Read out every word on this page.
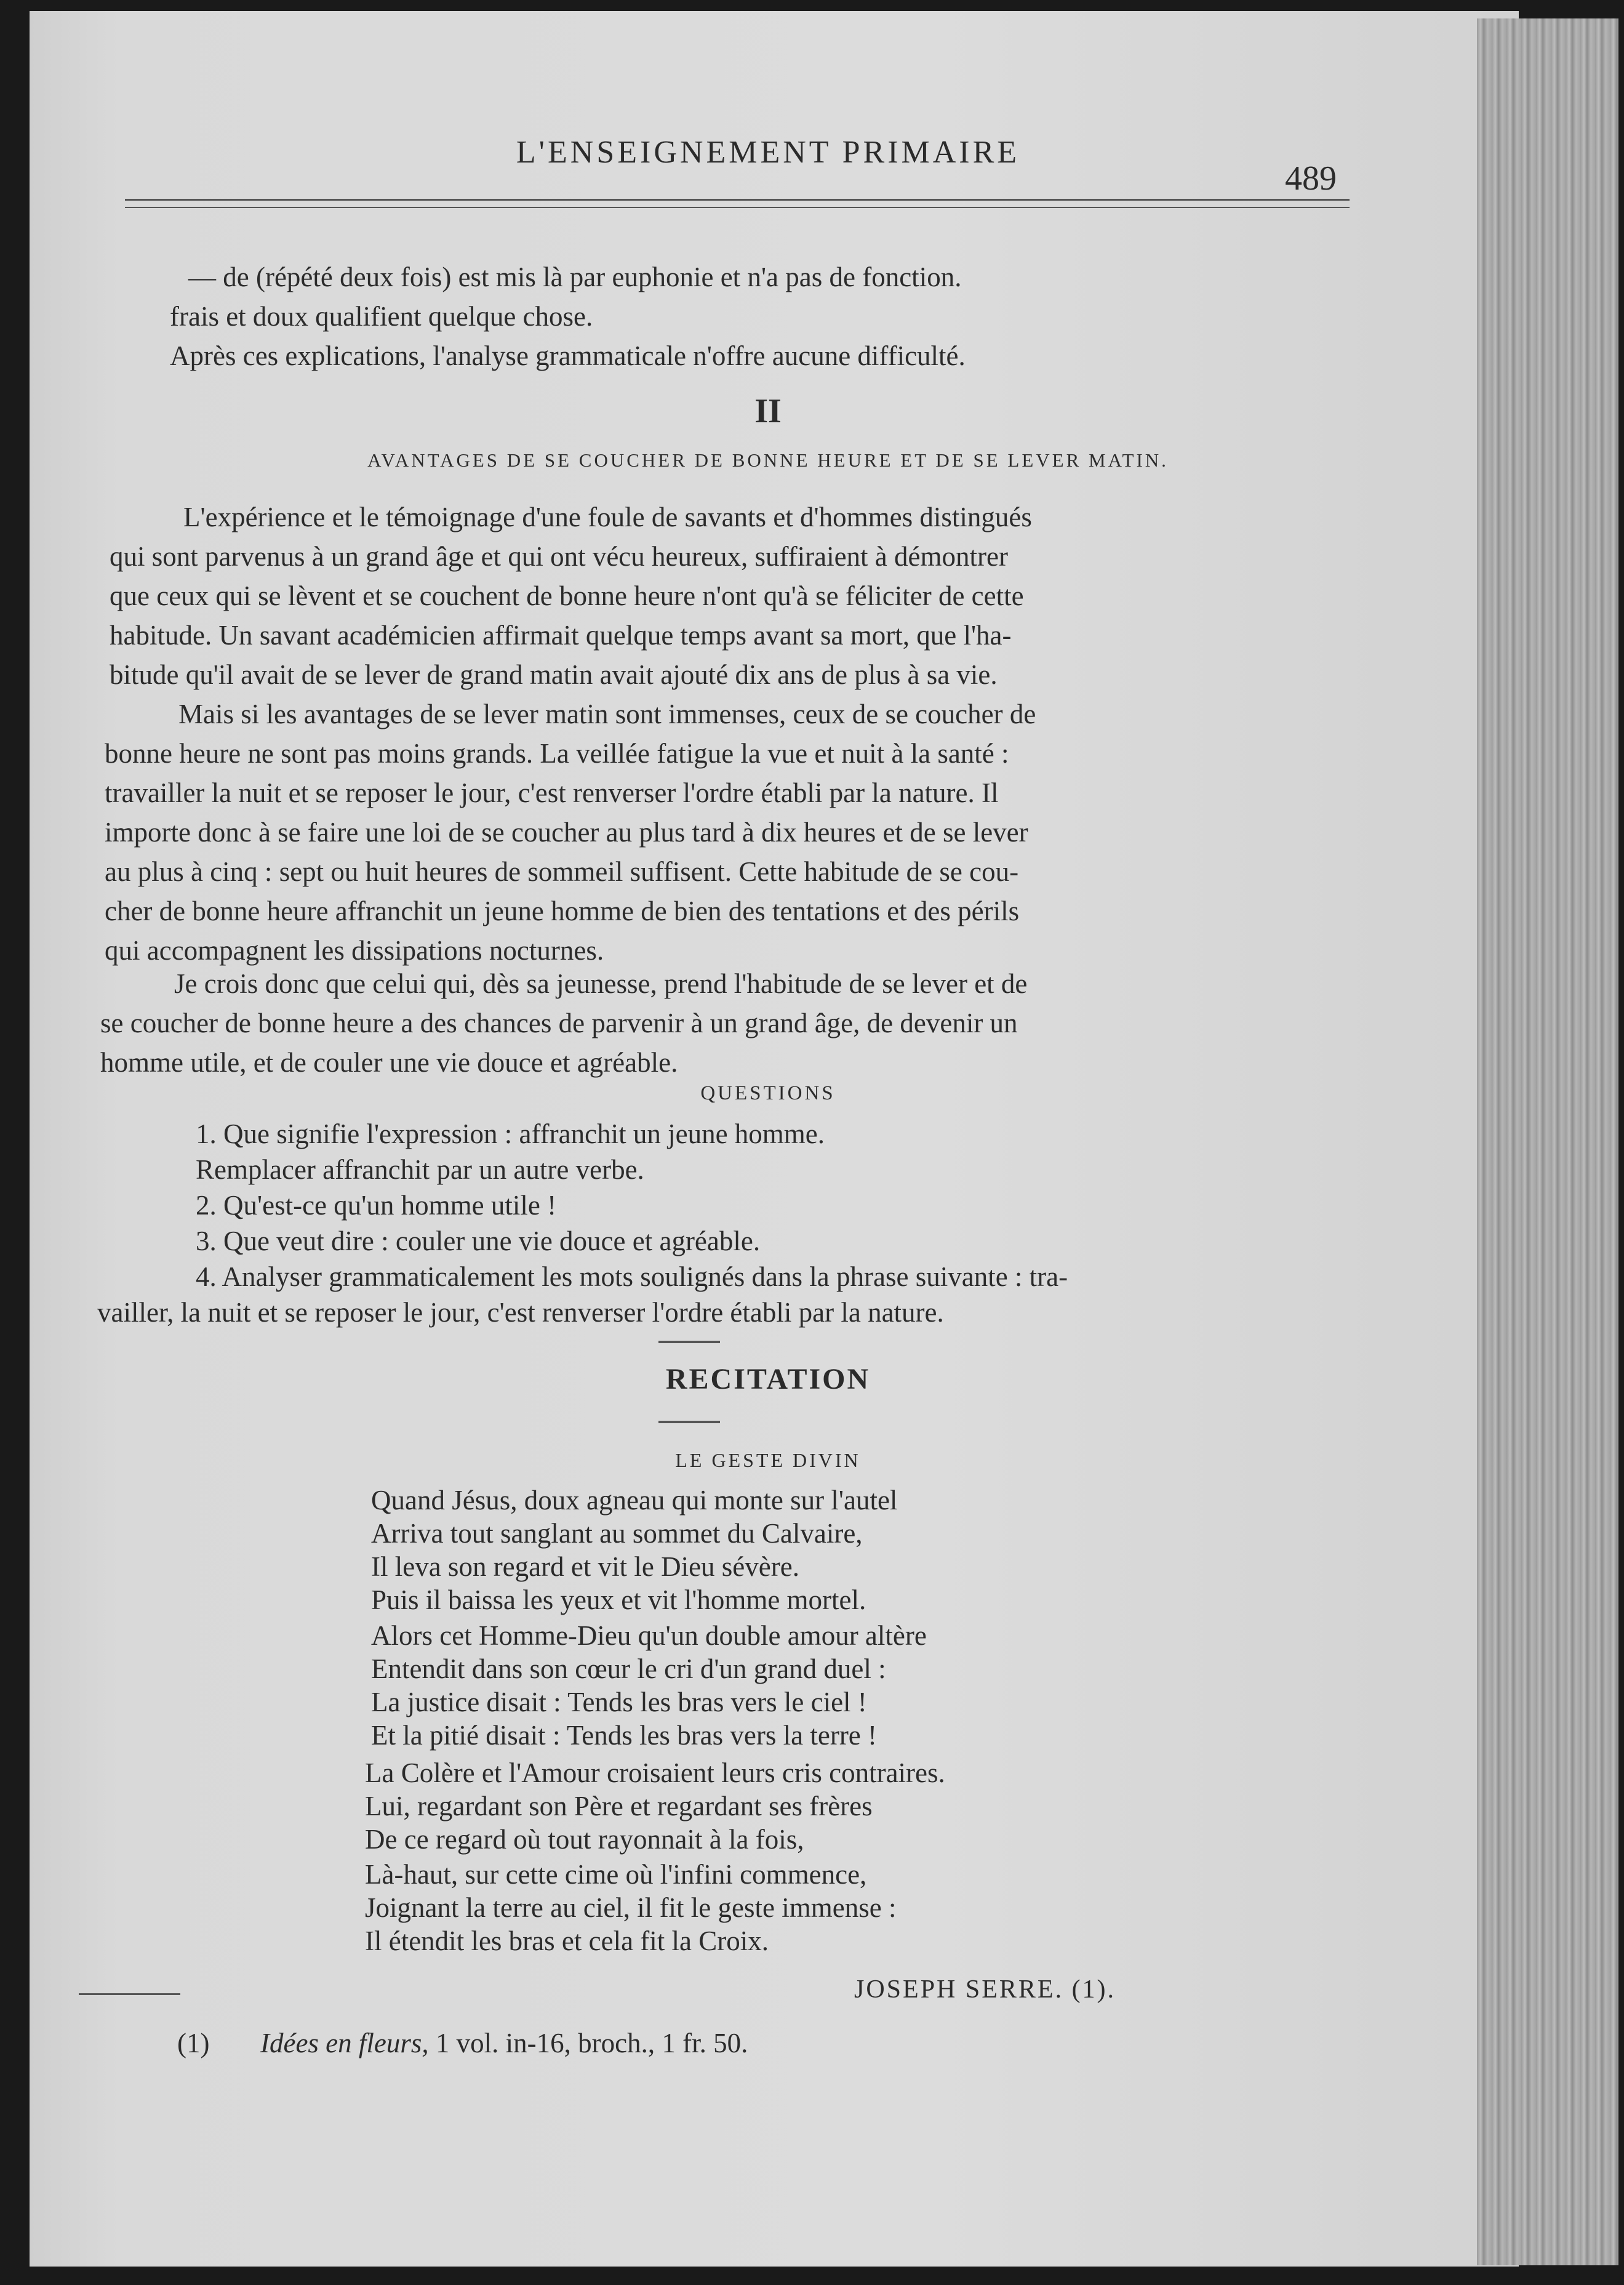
L'ENSEIGNEMENT PRIMAIRE
489
— de (répété deux fois) est mis là par euphonie et n'a pas de fonction.
frais et doux qualifient quelque chose.
Après ces explications, l'analyse grammaticale n'offre aucune difficulté.
II
AVANTAGES DE SE COUCHER DE BONNE HEURE ET DE SE LEVER MATIN.
L'expérience et le témoignage d'une foule de savants et d'hommes distingués
qui sont parvenus à un grand âge et qui ont vécu heureux, suffiraient à démontrer
que ceux qui se lèvent et se couchent de bonne heure n'ont qu'à se féliciter de cette
habitude. Un savant académicien affirmait quelque temps avant sa mort, que l'ha-
bitude qu'il avait de se lever de grand matin avait ajouté dix ans de plus à sa vie.
Mais si les avantages de se lever matin sont immenses, ceux de se coucher de
bonne heure ne sont pas moins grands. La veillée fatigue la vue et nuit à la santé :
travailler la nuit et se reposer le jour, c'est renverser l'ordre établi par la nature. Il
importe donc à se faire une loi de se coucher au plus tard à dix heures et de se lever
au plus à cinq : sept ou huit heures de sommeil suffisent. Cette habitude de se cou-
cher de bonne heure affranchit un jeune homme de bien des tentations et des périls
qui accompagnent les dissipations nocturnes.
Je crois donc que celui qui, dès sa jeunesse, prend l'habitude de se lever et de
se coucher de bonne heure a des chances de parvenir à un grand âge, de devenir un
homme utile, et de couler une vie douce et agréable.
QUESTIONS
1. Que signifie l'expression : affranchit un jeune homme.
Remplacer affranchit par un autre verbe.
2. Qu'est-ce qu'un homme utile !
3. Que veut dire : couler une vie douce et agréable.
4. Analyser grammaticalement les mots soulignés dans la phrase suivante : tra-
vailler, la nuit et se reposer le jour, c'est renverser l'ordre établi par la nature.
RECITATION
LE GESTE DIVIN
Quand Jésus, doux agneau qui monte sur l'autel
Arriva tout sanglant au sommet du Calvaire,
Il leva son regard et vit le Dieu sévère.
Puis il baissa les yeux et vit l'homme mortel.
Alors cet Homme-Dieu qu'un double amour altère
Entendit dans son cœur le cri d'un grand duel :
La justice disait : Tends les bras vers le ciel !
Et la pitié disait : Tends les bras vers la terre !
La Colère et l'Amour croisaient leurs cris contraires.
Lui, regardant son Père et regardant ses frères
De ce regard où tout rayonnait à la fois,
Là-haut, sur cette cime où l'infini commence,
Joignant la terre au ciel, il fit le geste immense :
Il étendit les bras et cela fit la Croix.
JOSEPH SERRE. (1).
(1) Idées en fleurs, 1 vol. in-16, broch., 1 fr. 50.
